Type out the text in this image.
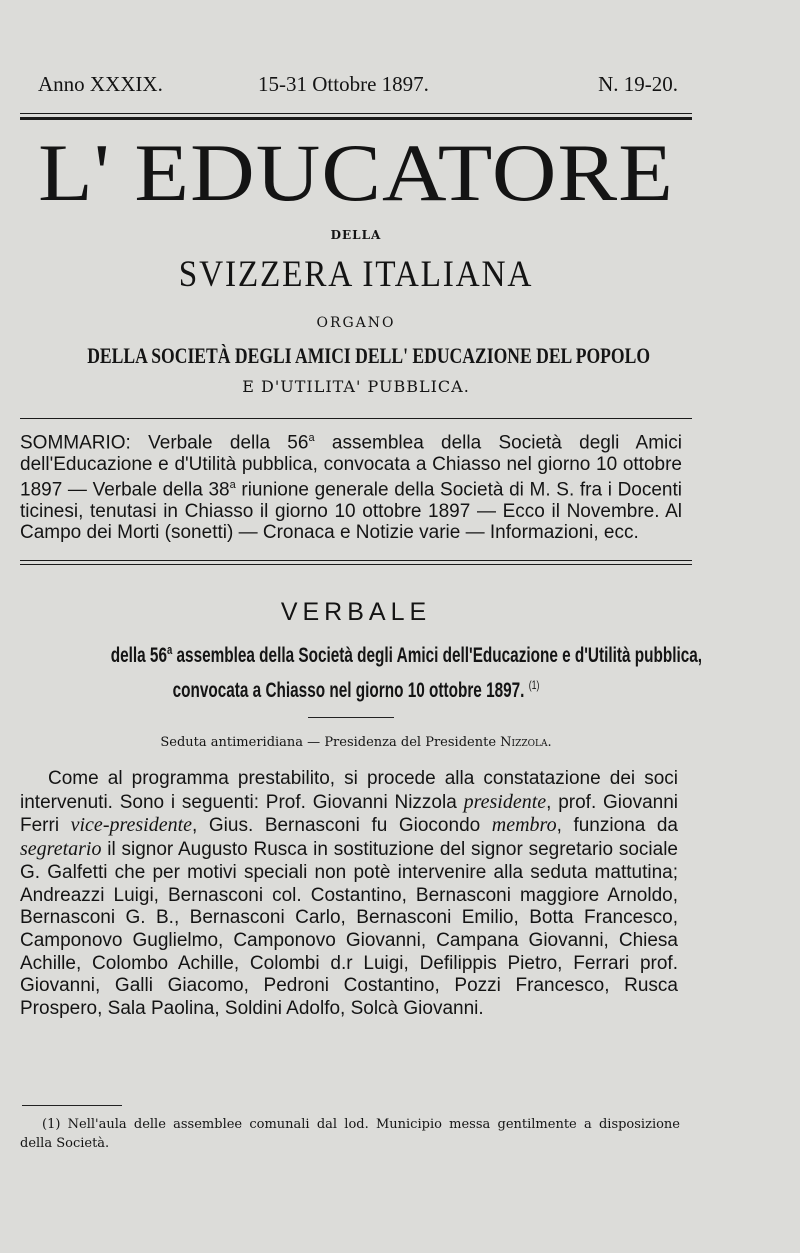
Anno XXXIX.	15-31 Ottobre 1897.	N. 19-20.
L' EDUCATORE
DELLA
SVIZZERA ITALIANA
ORGANO
DELLA SOCIETÀ DEGLI AMICI DELL' EDUCAZIONE DEL POPOLO
E D'UTILITA' PUBBLICA.
SOMMARIO: Verbale della 56$^a$ assemblea della Società degli Amici dell'Educazione e d'Utilità pubblica, convocata a Chiasso nel giorno 10 ottobre 1897 — Verbale della 38$^a$ riunione generale della Società di M. S. fra i Docenti ticinesi, tenutasi in Chiasso il giorno 10 ottobre 1897 — Ecco il Novembre. Al Campo dei Morti (sonetti) — Cronaca e Notizie varie — Informazioni, ecc.
VERBALE
della 56$^a$ assemblea della Società degli Amici dell'Educazione e d'Utilità pubblica,
convocata a Chiasso nel giorno 10 ottobre 1897. $^{(1)}$
Seduta antimeridiana — Presidenza del Presidente Nizzola.

Come al programma prestabilito, si procede alla constatazione dei soci intervenuti. Sono i seguenti: Prof. Giovanni Nizzola presidente, prof. Giovanni Ferri vice-presidente, Gius. Bernasconi fu Giocondo membro, funziona da segretario il signor Augusto Rusca in sostituzione del signor segretario sociale G. Galfetti che per motivi speciali non potè intervenire alla seduta mattutina; Andreazzi Luigi, Bernasconi col. Costantino, Bernasconi maggiore Arnoldo, Bernasconi G. B., Bernasconi Carlo, Bernasconi Emilio, Botta Francesco, Camponovo Guglielmo, Camponovo Giovanni, Campana Giovanni, Chiesa Achille, Colombo Achille, Colombi d.r Luigi, Defilippis Pietro, Ferrari prof. Giovanni, Galli Giacomo, Pedroni Costantino, Pozzi Francesco, Rusca Prospero, Sala Paolina, Soldini Adolfo, Solcà Giovanni.

(1) Nell'aula delle assemblee comunali dal lod. Municipio messa gentilmente a disposizione della Società.
